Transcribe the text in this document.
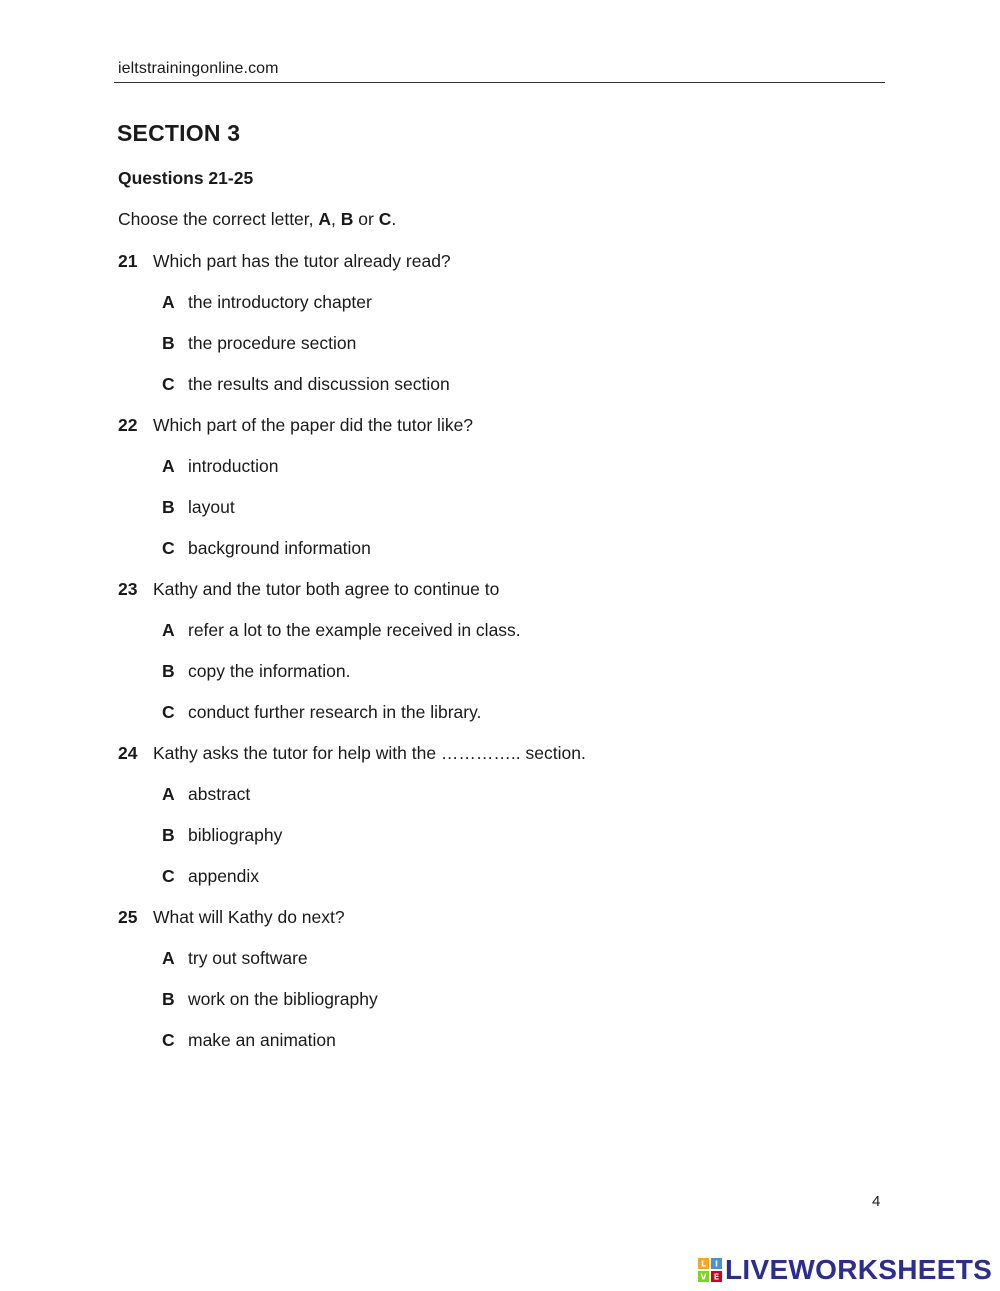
ieltstrainingonline.com
SECTION 3
Questions 21-25
Choose the correct letter, A, B or C.
21 Which part has the tutor already read?
A the introductory chapter
B the procedure section
C the results and discussion section
22 Which part of the paper did the tutor like?
A introduction
B layout
C background information
23 Kathy and the tutor both agree to continue to
A refer a lot to the example received in class.
B copy the information.
C conduct further research in the library.
24 Kathy asks the tutor for help with the ………….. section.
A abstract
B bibliography
C appendix
25 What will Kathy do next?
A try out software
B work on the bibliography
C make an animation
4
L I
V E LIVEWORKSHEETS
